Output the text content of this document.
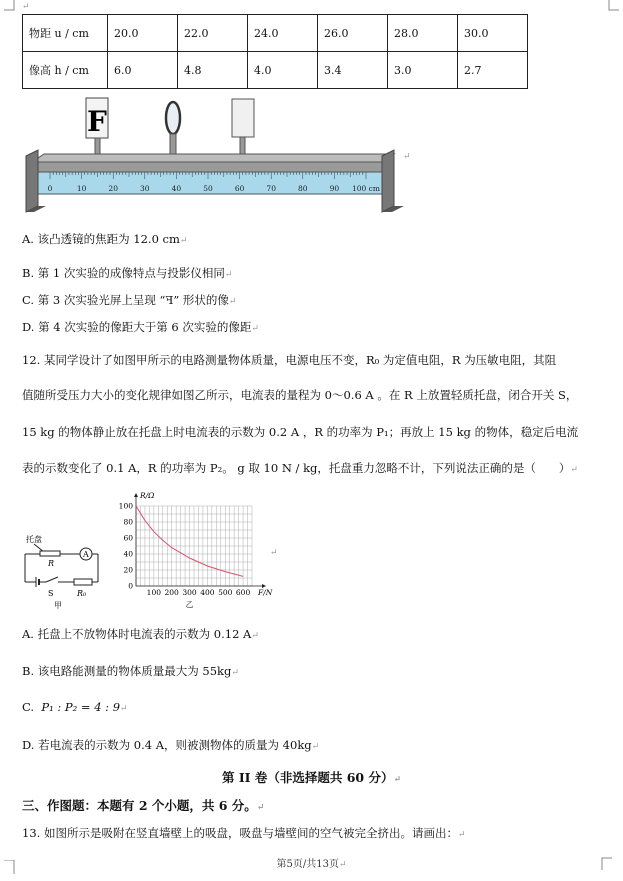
↵
物距 u / cm	20.0	22.0	24.0	26.0	28.0	30.0
像高 h / cm	6.0	4.8	4.0	3.4	3.0	2.7
F
0	10	20	30	40	50	60	70	80	90 100 cm
↵
A. 该凸透镜的焦距为 12.0 cm↵
B. 第 1 次实验的成像特点与投影仪相同↵
C. 第 3 次实验光屏上呈现 “ꟻ” 形状的像↵
D. 第 4 次实验的像距大于第 6 次实验的像距↵
12. 某同学设计了如图甲所示的电路测量物体质量，电源电压不变，R₀ 为定值电阻，R 为压敏电阻，其阻
值随所受压力大小的变化规律如图乙所示，电流表的量程为 0～0.6 A 。在 R 上放置轻质托盘，闭合开关 S，
15 kg 的物体静止放在托盘上时电流表的示数为 0.2 A ，R 的功率为 P₁；再放上 15 kg 的物体，稳定后电流
表的示数变化了 0.1 A，R 的功率为 P₂。 g 取 10 N / kg，托盘重力忽略不计，下列说法正确的是（　　）↵
托盘
R
A
S	R₀
甲
100 200 300 400 500 600
0
20
40
60
80
100
R/Ω
F/N
乙
↵
A. 托盘上不放物体时电流表的示数为 0.12 A↵
B. 该电路能测量的物体质量最大为 55kg↵
C. P₁ : P₂ = 4 : 9↵
D. 若电流表的示数为 0.4 A，则被测物体的质量为 40kg↵
第 II 卷（非选择题共 60 分）↵
三、作图题：本题有 2 个小题，共 6 分。↵
13. 如图所示是吸附在竖直墙壁上的吸盘，吸盘与墙壁间的空气被完全挤出。请画出：↵
第5页/共13页↵
